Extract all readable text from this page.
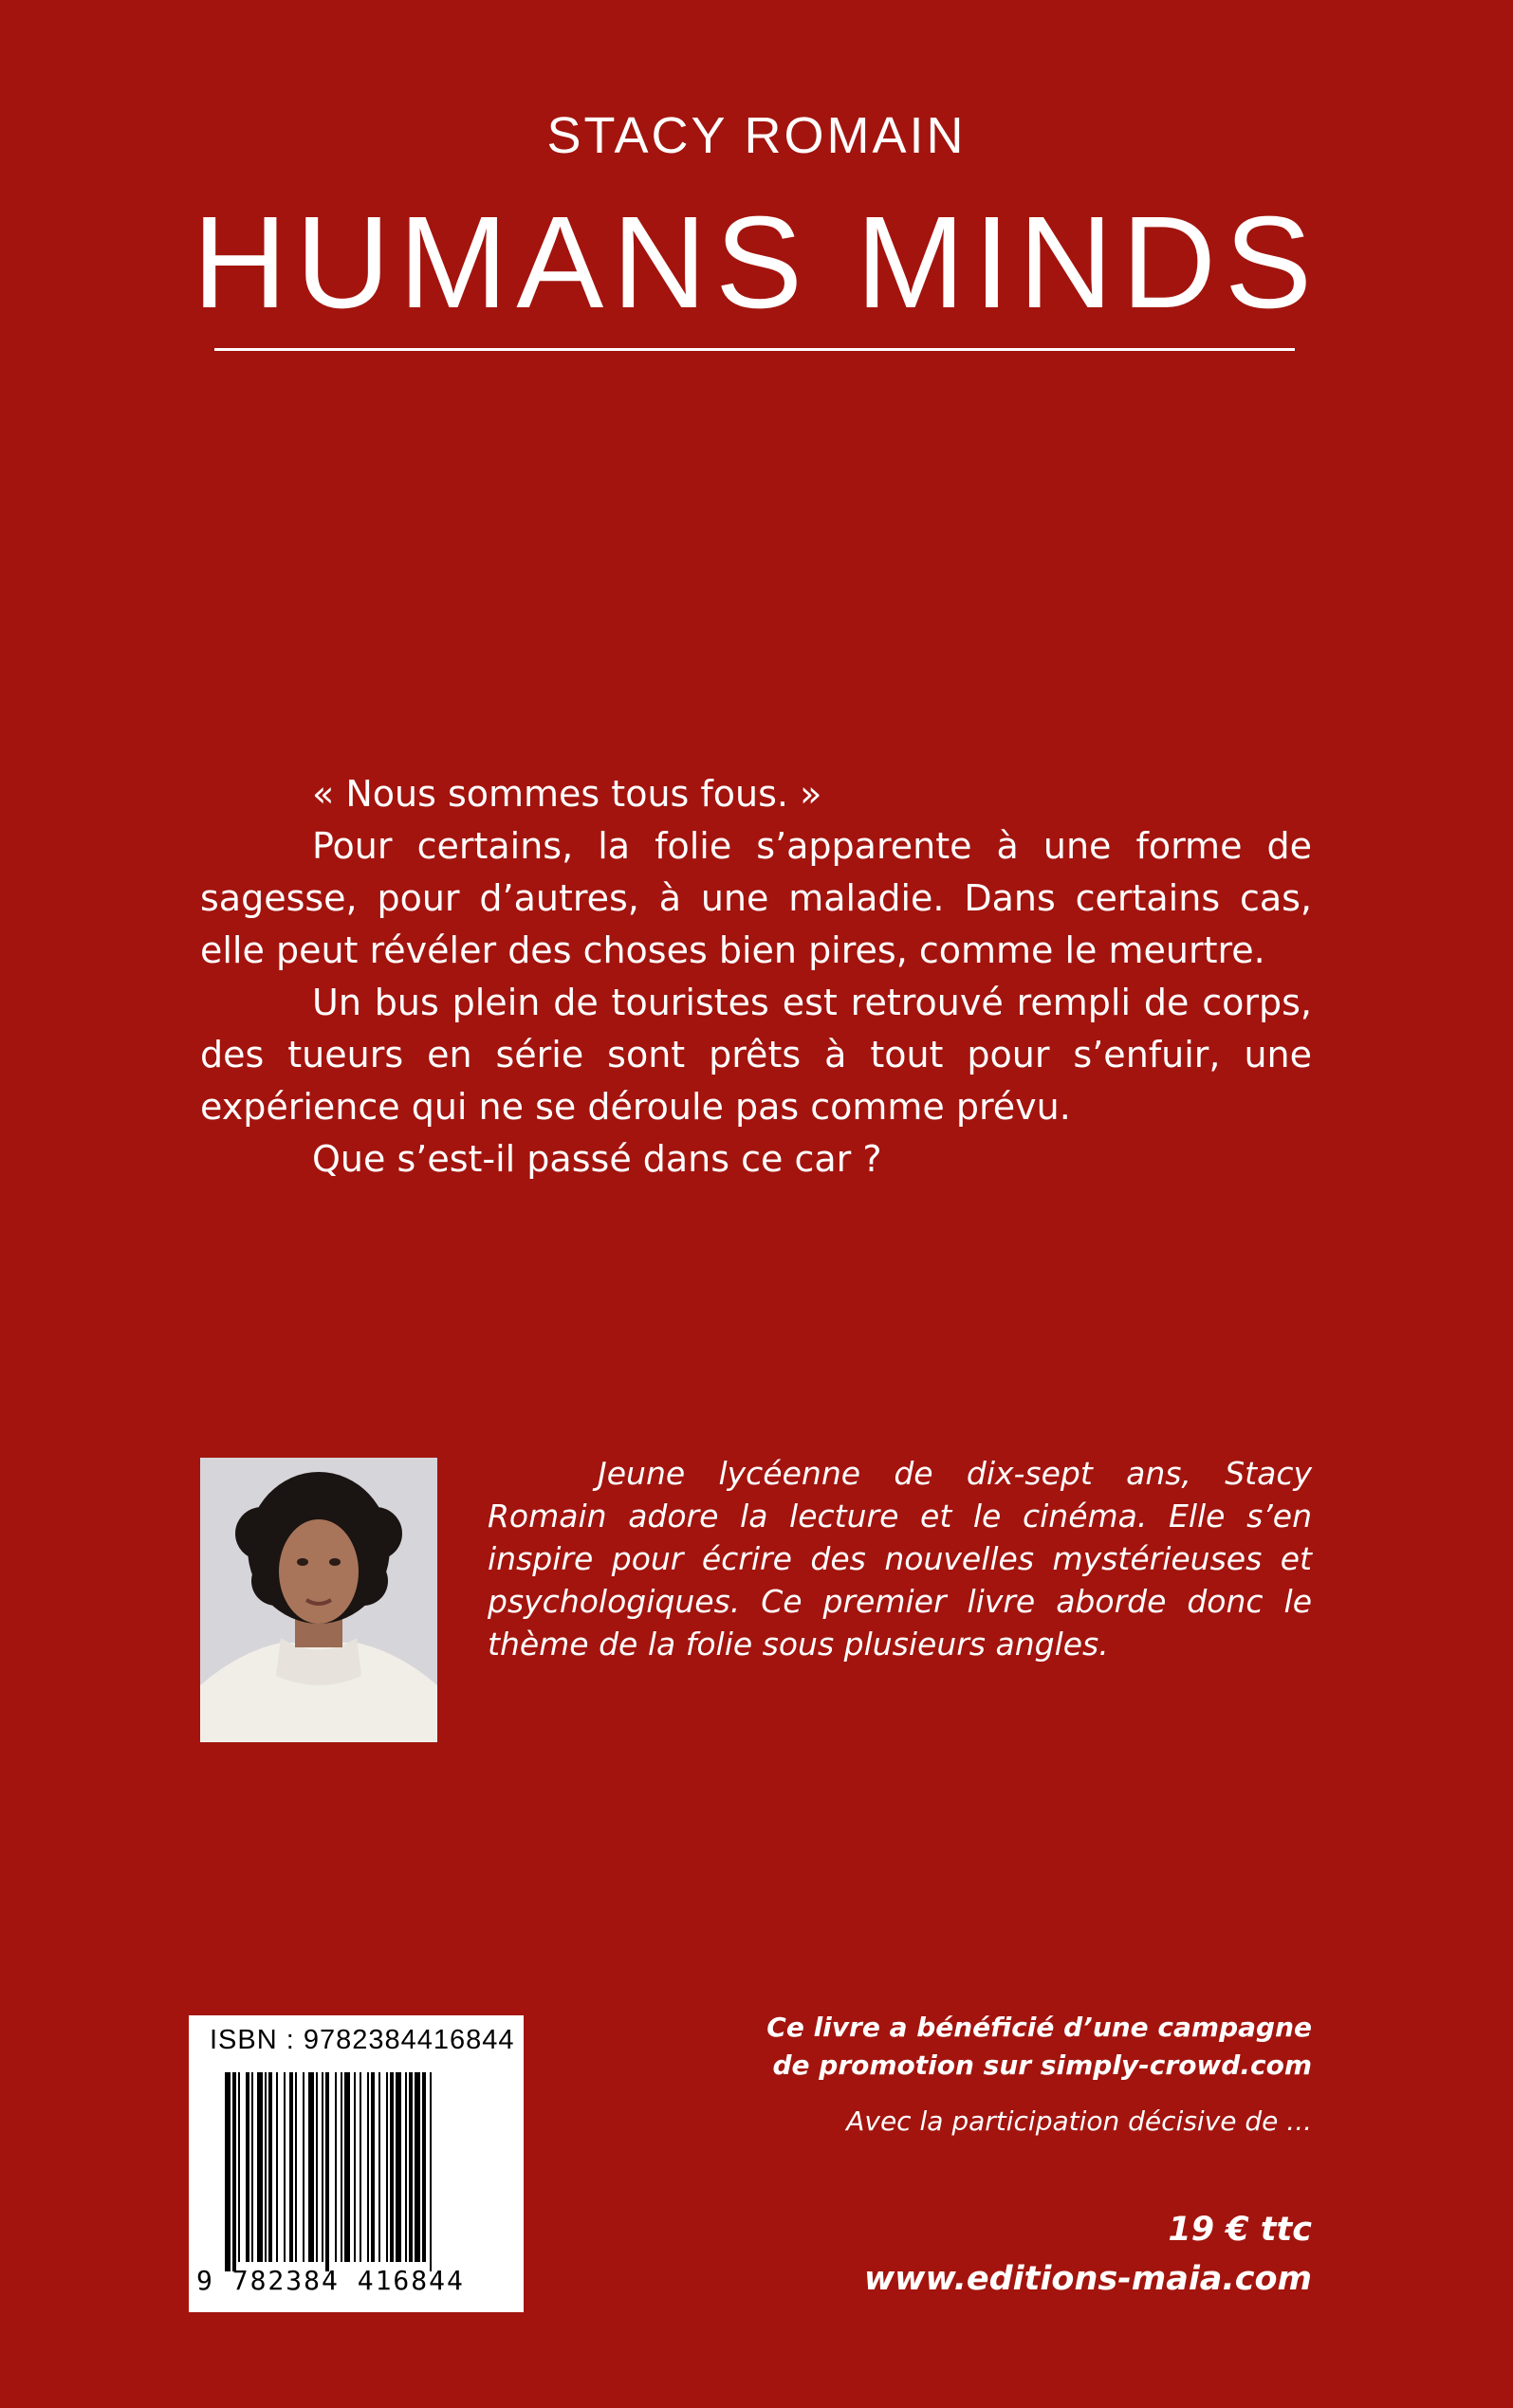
STACY ROMAIN
HUMANS MINDS

« Nous sommes tous fous. »

Pour certains, la folie s’apparente à une forme de sagesse, pour d’autres, à une maladie. Dans certains cas, elle peut révéler des choses bien pires, comme le meurtre.

Un bus plein de touristes est retrouvé rempli de corps, des tueurs en série sont prêts à tout pour s’enfuir, une expérience qui ne se déroule pas comme prévu.

Que s’est-il passé dans ce car ?

Jeune lycéenne de dix-sept ans, Stacy Romain adore la lecture et le cinéma. Elle s’en inspire pour écrire des nouvelles mystérieuses et psychologiques. Ce premier livre aborde donc le thème de la folie sous plusieurs angles.

ISBN : 9782384416844
9 782384 416844
Ce livre a bénéficié d’une campagne
de promotion sur simply-crowd.com
Avec la participation décisive de ...
19 € ttc
www.editions-maia.com
